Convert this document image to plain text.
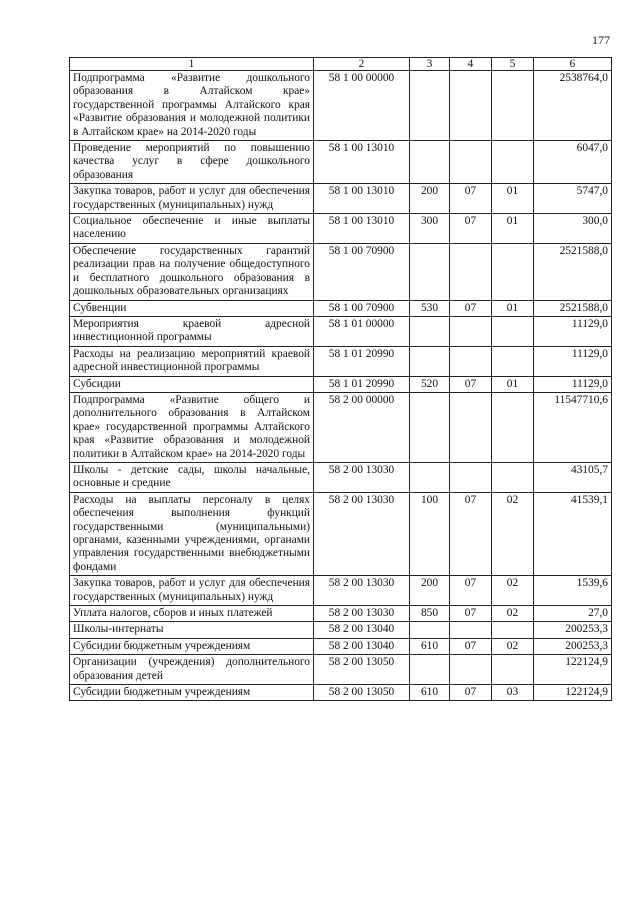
177
1	2	3	4	5	6
Подпрограмма «Развитие дошкольного образования в Алтайском крае» государственной программы Алтайского края «Развитие образования и молодежной политики в Алтайском крае» на 2014-2020 годы	58 1 00 00000				2538764,0
Проведение мероприятий по повышению качества услуг в сфере дошкольного образования	58 1 00 13010				6047,0
Закупка товаров, работ и услуг для обеспечения государственных (муниципальных) нужд	58 1 00 13010	200	07	01	5747,0
Социальное обеспечение и иные выплаты населению	58 1 00 13010	300	07	01	300,0
Обеспечение государственных гарантий реализации прав на получение общедоступного и бесплатного дошкольного образования в дошкольных образовательных организациях	58 1 00 70900				2521588,0
Субвенции	58 1 00 70900	530	07	01	2521588,0
Мероприятия краевой адресной инвестиционной программы	58 1 01 00000				11129,0
Расходы на реализацию мероприятий краевой адресной инвестиционной программы	58 1 01 20990				11129,0
Субсидии	58 1 01 20990	520	07	01	11129,0
Подпрограмма «Развитие общего и дополнительного образования в Алтайском крае» государственной программы Алтайского края «Развитие образования и молодежной политики в Алтайском крае» на 2014-2020 годы	58 2 00 00000				11547710,6
Школы - детские сады, школы начальные, основные и средние	58 2 00 13030				43105,7
Расходы на выплаты персоналу в целях обеспечения выполнения функций государственными (муниципальными) органами, казенными учреждениями, органами управления государственными внебюджетными фондами	58 2 00 13030	100	07	02	41539,1
Закупка товаров, работ и услуг для обеспечения государственных (муниципальных) нужд	58 2 00 13030	200	07	02	1539,6
Уплата налогов, сборов и иных платежей	58 2 00 13030	850	07	02	27,0
Школы-интернаты	58 2 00 13040				200253,3
Субсидии бюджетным учреждениям	58 2 00 13040	610	07	02	200253,3
Организации (учреждения) дополнительного образования детей	58 2 00 13050				122124,9
Субсидии бюджетным учреждениям	58 2 00 13050	610	07	03	122124,9
